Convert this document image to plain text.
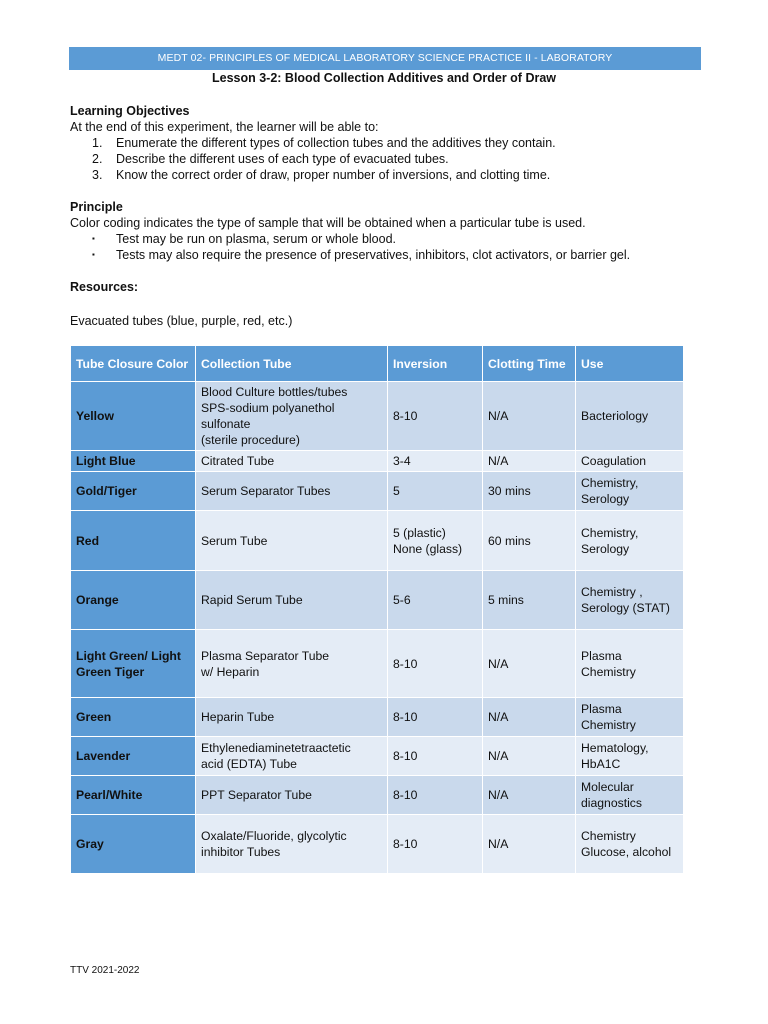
MEDT 02- PRINCIPLES OF MEDICAL LABORATORY SCIENCE PRACTICE II - LABORATORY
Lesson 3-2: Blood Collection Additives and Order of Draw
Learning Objectives
At the end of this experiment, the learner will be able to:
1.	Enumerate the different types of collection tubes and the additives they contain.
2.	Describe the different uses of each type of evacuated tubes.
3.	Know the correct order of draw, proper number of inversions, and clotting time.
Principle
Color coding indicates the type of sample that will be obtained when a particular tube is used.
▪	Test may be run on plasma, serum or whole blood.
▪	Tests may also require the presence of preservatives, inhibitors, clot activators, or barrier gel.
Resources:
Evacuated tubes (blue, purple, red, etc.)
Tube Closure Color	Collection Tube	Inversion	Clotting Time	Use
Yellow	Blood Culture bottles/tubes
SPS-sodium polyanethol
sulfonate
(sterile procedure)	8-10	N/A	Bacteriology

Light Blue	Citrated Tube	3-4	N/A	Coagulation

Gold/Tiger	Serum Separator Tubes	5	30 mins	Chemistry,
Serology

Red	Serum Tube	5 (plastic)
None (glass)	60 mins	Chemistry,
Serology

Orange	Rapid Serum Tube	5-6	5 mins	Chemistry ,
Serology (STAT)

Light Green/ Light Green Tiger	Plasma Separator Tube
w/ Heparin	8-10	N/A	Plasma
Chemistry

Green	Heparin Tube	8-10	N/A	Plasma
Chemistry

Lavender	Ethylenediaminetetraactetic
acid (EDTA) Tube	8-10	N/A	Hematology,
HbA1C

Pearl/White	PPT Separator Tube	8-10	N/A	Molecular
diagnostics

Gray	Oxalate/Fluoride, glycolytic
inhibitor Tubes	8-10	N/A	Chemistry
Glucose, alcohol
TTV 2021-2022
